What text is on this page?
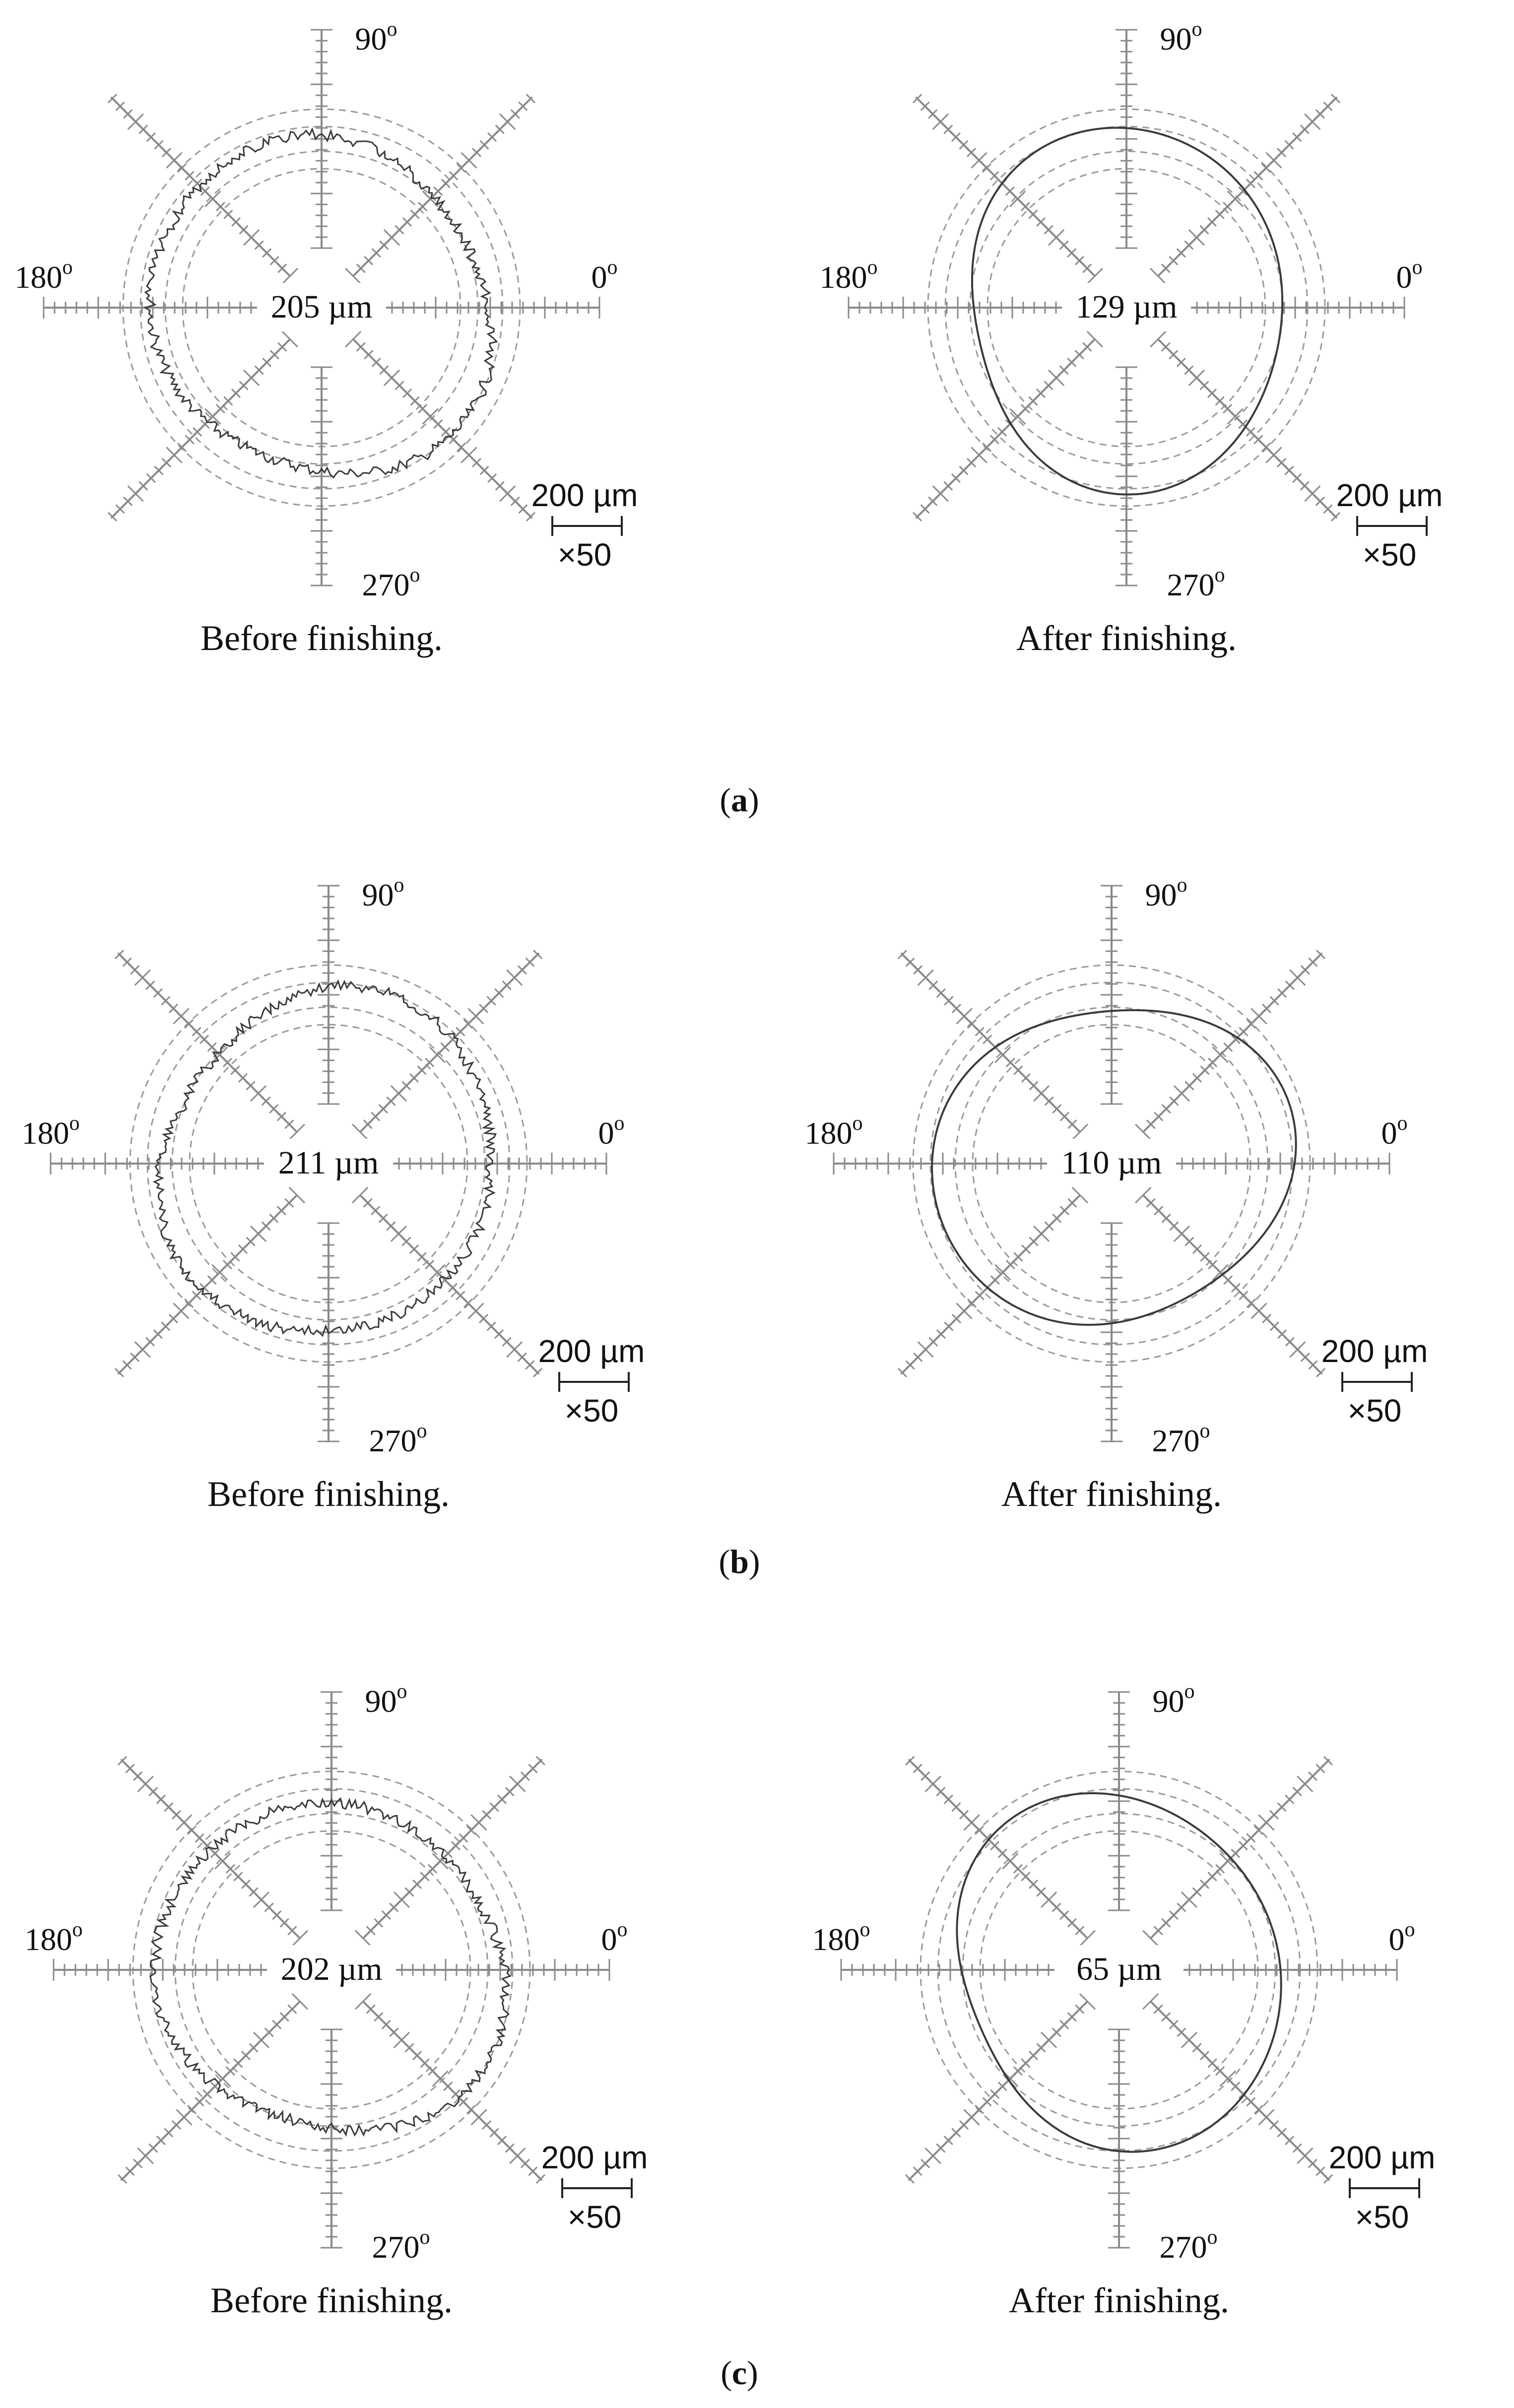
205 µm
90$^o$
0$^o$
180$^o$
270$^o$
200 µm
×50
Before finishing.
129 µm
90$^o$
0$^o$
180$^o$
270$^o$
200 µm
×50
After finishing.
(a)
211 µm
90$^o$
0$^o$
180$^o$
270$^o$
200 µm
×50
Before finishing.
110 µm
90$^o$
0$^o$
180$^o$
270$^o$
200 µm
×50
After finishing.
(b)
202 µm
90$^o$
0$^o$
180$^o$
270$^o$
200 µm
×50
Before finishing.
65 µm
90$^o$
0$^o$
180$^o$
270$^o$
200 µm
×50
After finishing.
(c)
